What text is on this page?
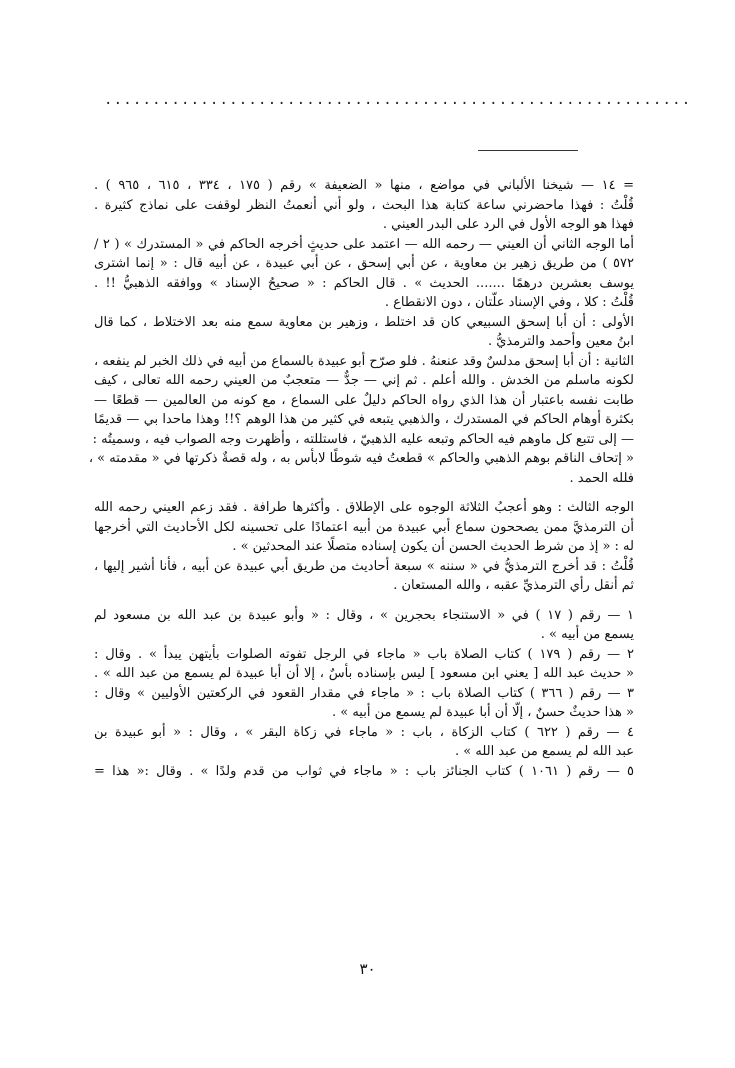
.............................................................
= ١٤ — شيخنا الألباني في مواضع ، منها « الضعيفة » رقم ( ١٧٥ ، ٣٣٤ ، ٦١٥ ، ٩٦٥ ) .
قُلْتُ : فهذا ماحضرني ساعة كتابة هذا البحث ، ولو أني أنعمتُ النظر لوقفت على نماذج كثيرة .
فهذا هو الوجه الأول في الرد على البدر العيني .
أما الوجه الثاني أن العيني — رحمه الله — اعتمد على حديثٍ أخرجه الحاكم في « المستدرك » ( ٢ /
٥٧٢ ) من طريق زهير بن معاوية ، عن أبي إسحق ، عن أبي عبيدة ، عن أبيه قال : « إنما اشترى
يوسف بعشرين درهمًا ....... الحديث » . قال الحاكم : « صحيحُ الإسناد » ووافقه الذهبيُّ !! .
قُلْتُ : كلا ، وفي الإسناد علّتان ، دون الانقطاع .
الأولى : أن أبا إسحق السبيعي كان قد اختلط ، وزهير بن معاوية سمع منه بعد الاختلاط ، كما قال
ابنُ معين وأحمد والترمذيُّ .
الثانية : أن أبا إسحق مدلسٌ وقد عنعنهُ . فلو صرّح أبو عبيدة بالسماع من أبيه في ذلك الخبر لم ينفعه ،
لكونه ماسلم من الخدش . والله أعلم . ثم إني — جدٌّ — متعجبٌ من العيني رحمه الله تعالى ، كيف
طابت نفسه باعتبار أن هذا الذي رواه الحاكم دليلٌ على السماع ، مع كونه من العالمين — قطعًا —
بكثرة أوهام الحاكم في المستدرك ، والذهبي يتبعه في كثير من هذا الوهم ؟!! وهذا ماحدا بي — قديمًا
— إلى تتبع كل ماوهم فيه الحاكم وتبعه عليه الذهبيّ ، فاستللته ، وأظهرت وجه الصواب فيه ، وسميتُه :
« إتحاف الناقم بوهم الذهبي والحاكم » قطعتُ فيه شوطًا لابأس به ، وله قصةٌ ذكرتها في « مقدمته » ،
فلله الحمد .
الوجه الثالث : وهو أعجبُ الثلاثة الوجوه على الإطلاق . وأكثرها طرافة . فقد زعم العيني رحمه الله
أن الترمذيَّ ممن يصححون سماع أبي عبيدة من أبيه اعتمادًا على تحسينه لكل الأحاديث التي أخرجها
له : « إذ من شرط الحديث الحسن أن يكون إسناده متصلًا عند المحدثين » .
قُلْتُ : قد أخرج الترمذيُّ في « سننه » سبعة أحاديث من طريق أبي عبيدة عن أبيه ، فأنا أشير إليها ،
ثم أنقل رأي الترمذيِّ عقبه ، والله المستعان .
١ — رقم ( ١٧ ) في « الاستنجاء بحجرين » ، وقال : « وأبو عبيدة بن عبد الله بن مسعود لم
يسمع من أبيه » .
٢ — رقم ( ١٧٩ ) كتاب الصلاة باب « ماجاء في الرجل تفوته الصلوات بأيتهن يبدأ » . وقال :
« حديث عبد الله [ يعني ابن مسعود ] ليس بإسناده بأسٌ ، إلا أن أبا عبيدة لم يسمع من عبد الله » .
٣ — رقم ( ٣٦٦ ) كتاب الصلاة باب : « ماجاء في مقدار القعود في الركعتين الأوليين » وقال :
« هذا حديثٌ حسنٌ ، إلّا أن أبا عبيدة لم يسمع من أبيه » .
٤ — رقم ( ٦٢٢ ) كتاب الزكاة ، باب : « ماجاء في زكاة البقر » ، وقال : « أبو عبيدة بن
عبد الله لم يسمع من عبد الله » .
٥ — رقم ( ١٠٦١ ) كتاب الجنائز باب : « ماجاء في ثواب من قدم ولدًا » . وقال :« هذا =
٣٠
